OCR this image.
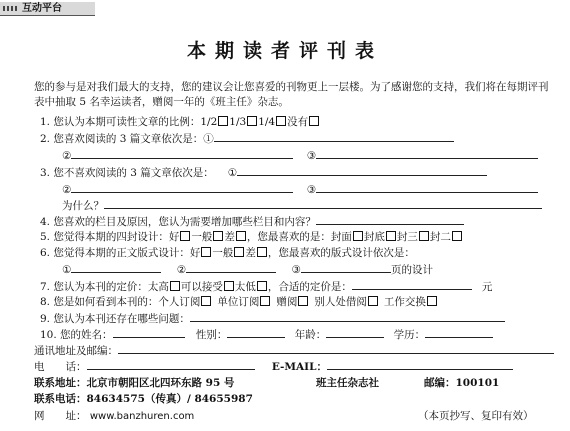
互动平台
本期读者评刊表
您的参与是对我们最大的支持，您的建议会让您喜爱的刊物更上一层楼。为了感谢您的支持，我们将在每期评刊表中抽取 5 名幸运读者，赠阅一年的《班主任》杂志。
1. 您认为本期可读性文章的比例：1/2 1/3 1/4 没有
2. 您喜欢阅读的 3 篇文章依次是：①
②	③
3. 您不喜欢阅读的 3 篇文章依次是： ①
②	③
为什么？
4. 您喜欢的栏目及原因，您认为需要增加哪些栏目和内容？
5. 您觉得本期的四封设计：好 一般 差 ，您最喜欢的是：封面 封底 封三 封二
6. 您觉得本期的正文版式设计：好 一般 差 ，您最喜欢的版式设计依次是：
①	②	③	页的设计
7. 您认为本刊的定价：太高 可以接受 太低 ，合适的定价是：	元
8. 您是如何看到本刊的：个人订阅 单位订阅 赠阅 别人处借阅 工作交换
9. 您认为本刊还存在哪些问题：
10. 您的姓名：	性别：	年龄：	学历：
通讯地址及邮编：
电　　话：	E-MAIL：
联系地址：北京市朝阳区北四环东路 95 号	班主任杂志社	邮编：100101
联系电话：84634575（传真）/ 84655987
网　　址： www.banzhuren.com	（本页抄写、复印有效）
